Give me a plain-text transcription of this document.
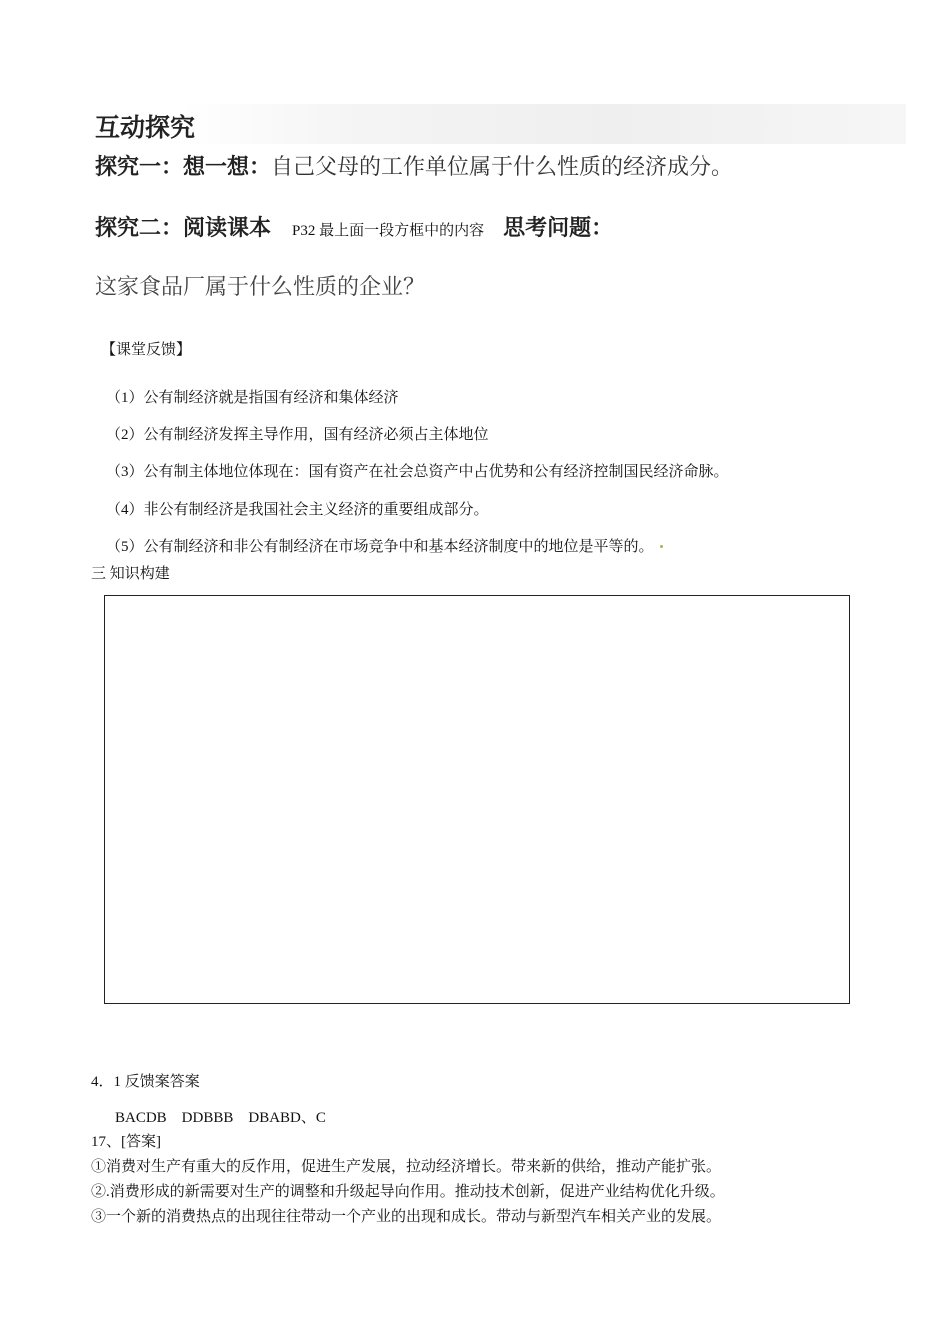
互动探究
探究一：想一想：自己父母的工作单位属于什么性质的经济成分。
探究二：阅读课本 P32 最上面一段方框中的内容 思考问题：
这家食品厂属于什么性质的企业？
【课堂反馈】
（1）公有制经济就是指国有经济和集体经济
（2）公有制经济发挥主导作用，国有经济必须占主体地位
（3）公有制主体地位体现在：国有资产在社会总资产中占优势和公有经济控制国民经济命脉。
（4）非公有制经济是我国社会主义经济的重要组成部分。
（5）公有制经济和非公有制经济在市场竞争中和基本经济制度中的地位是平等的。
三 知识构建
4．1 反馈案答案
BACDB    DDBBB    DBABD、C
17、[答案]
①消费对生产有重大的反作用，促进生产发展，拉动经济增长。带来新的供给，推动产能扩张。
②.消费形成的新需要对生产的调整和升级起导向作用。推动技术创新，促进产业结构优化升级。
③一个新的消费热点的出现往往带动一个产业的出现和成长。带动与新型汽车相关产业的发展。
